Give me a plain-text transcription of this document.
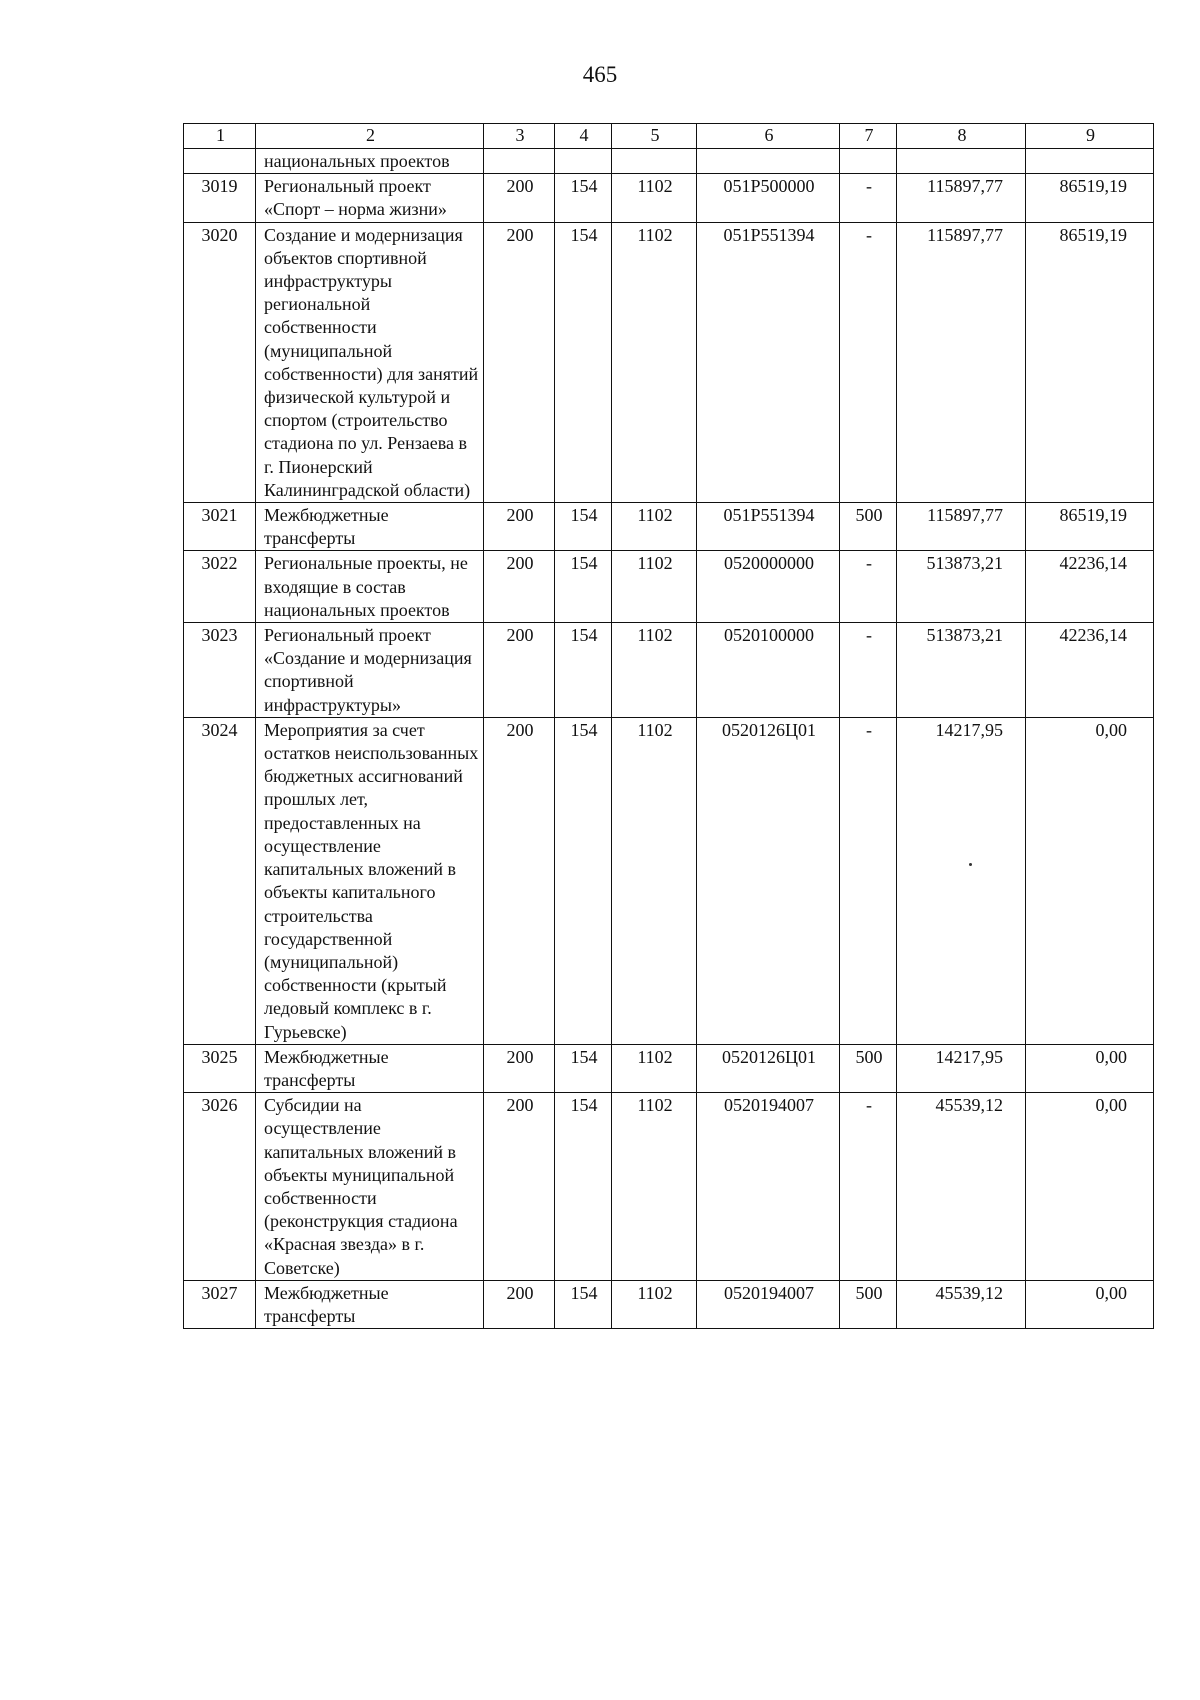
465
1	2	3	4	5	6	7	8	9
	национальных проектов							
3019	Региональный проект «Спорт – норма жизни»	200	154	1102	051P500000	-	115897,77	86519,19
3020	Создание и модернизация объектов спортивной инфраструктуры региональной собственности (муниципальной собственности) для занятий физической культурой и спортом (строительство стадиона по ул. Рензаева в г. Пионерский Калининградской области)	200	154	1102	051P551394	-	115897,77	86519,19
3021	Межбюджетные трансферты	200	154	1102	051P551394	500	115897,77	86519,19
3022	Региональные проекты, не входящие в состав национальных проектов	200	154	1102	0520000000	-	513873,21	42236,14
3023	Региональный проект «Создание и модернизация спортивной инфраструктуры»	200	154	1102	0520100000	-	513873,21	42236,14
3024	Мероприятия за счет остатков неиспользованных бюджетных ассигнований прошлых лет, предоставленных на осуществление капитальных вложений в объекты капитального строительства государственной (муниципальной) собственности (крытый ледовый комплекс в г. Гурьевске)	200	154	1102	0520126Ц01	-	14217,95	0,00
3025	Межбюджетные трансферты	200	154	1102	0520126Ц01	500	14217,95	0,00
3026	Субсидии на осуществление капитальных вложений в объекты муниципальной собственности (реконструкция стадиона «Красная звезда» в г. Советске)	200	154	1102	0520194007	-	45539,12	0,00
3027	Межбюджетные трансферты	200	154	1102	0520194007	500	45539,12	0,00
